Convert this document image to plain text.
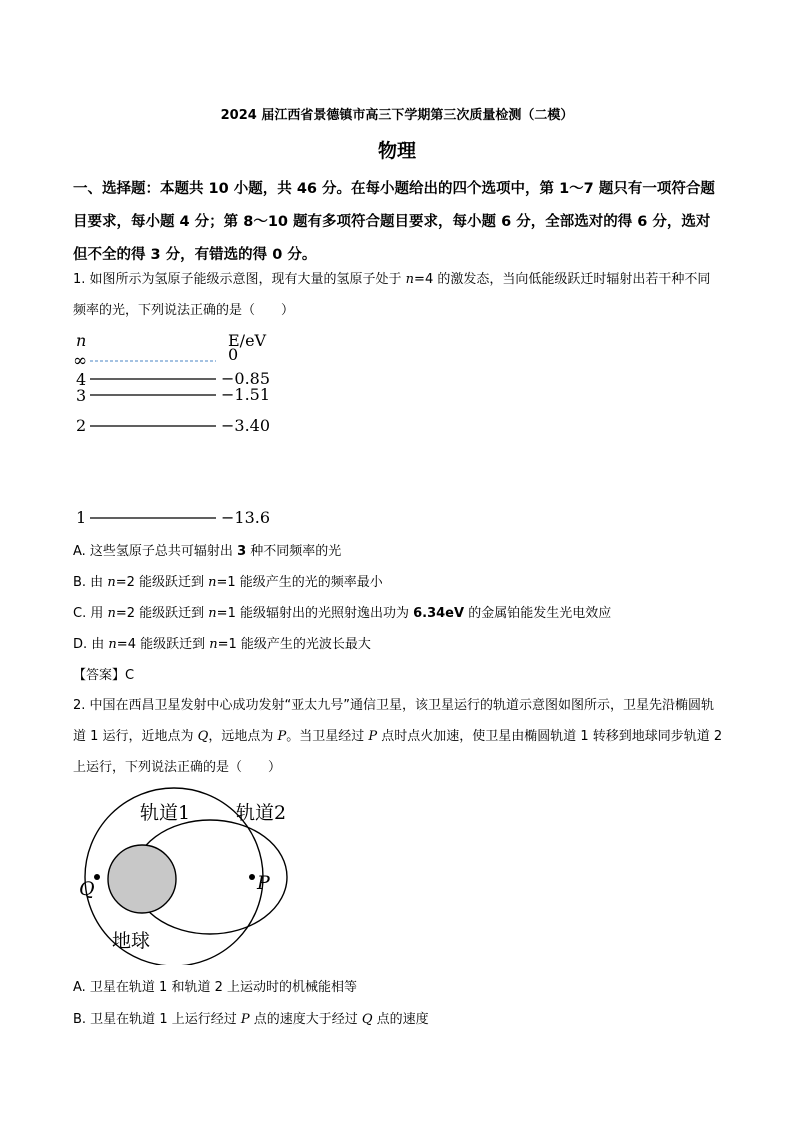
2024 届江西省景德镇市高三下学期第三次质量检测（二模）
物理
一、选择题：本题共 10 小题，共 46 分。在每小题给出的四个选项中，第 1～7 题只有一项符合题目要求，每小题 4 分；第 8～10 题有多项符合题目要求，每小题 6 分，全部选对的得 6 分，选对但不全的得 3 分，有错选的得 0 分。
1. 如图所示为氢原子能级示意图，现有大量的氢原子处于 n=4 的激发态，当向低能级跃迁时辐射出若干种不同频率的光，下列说法正确的是（　　）
n	E/eV
∞	0
4	−0.85
3	−1.51
2	−3.40
1	−13.6
A. 这些氢原子总共可辐射出 3 种不同频率的光
B. 由 n=2 能级跃迁到 n=1 能级产生的光的频率最小
C. 用 n=2 能级跃迁到 n=1 能级辐射出的光照射逸出功为 6.34eV 的金属铂能发生光电效应
D. 由 n=4 能级跃迁到 n=1 能级产生的光波长最大
【答案】C
2. 中国在西昌卫星发射中心成功发射“亚太九号”通信卫星，该卫星运行的轨道示意图如图所示，卫星先沿椭圆轨道 1 运行，近地点为 Q，远地点为 P。当卫星经过 P 点时点火加速，使卫星由椭圆轨道 1 转移到地球同步轨道 2 上运行，下列说法正确的是（　　）
轨道1 轨道2
地球
Q	P
A. 卫星在轨道 1 和轨道 2 上运动时的机械能相等
B. 卫星在轨道 1 上运行经过 P 点的速度大于经过 Q 点的速度
